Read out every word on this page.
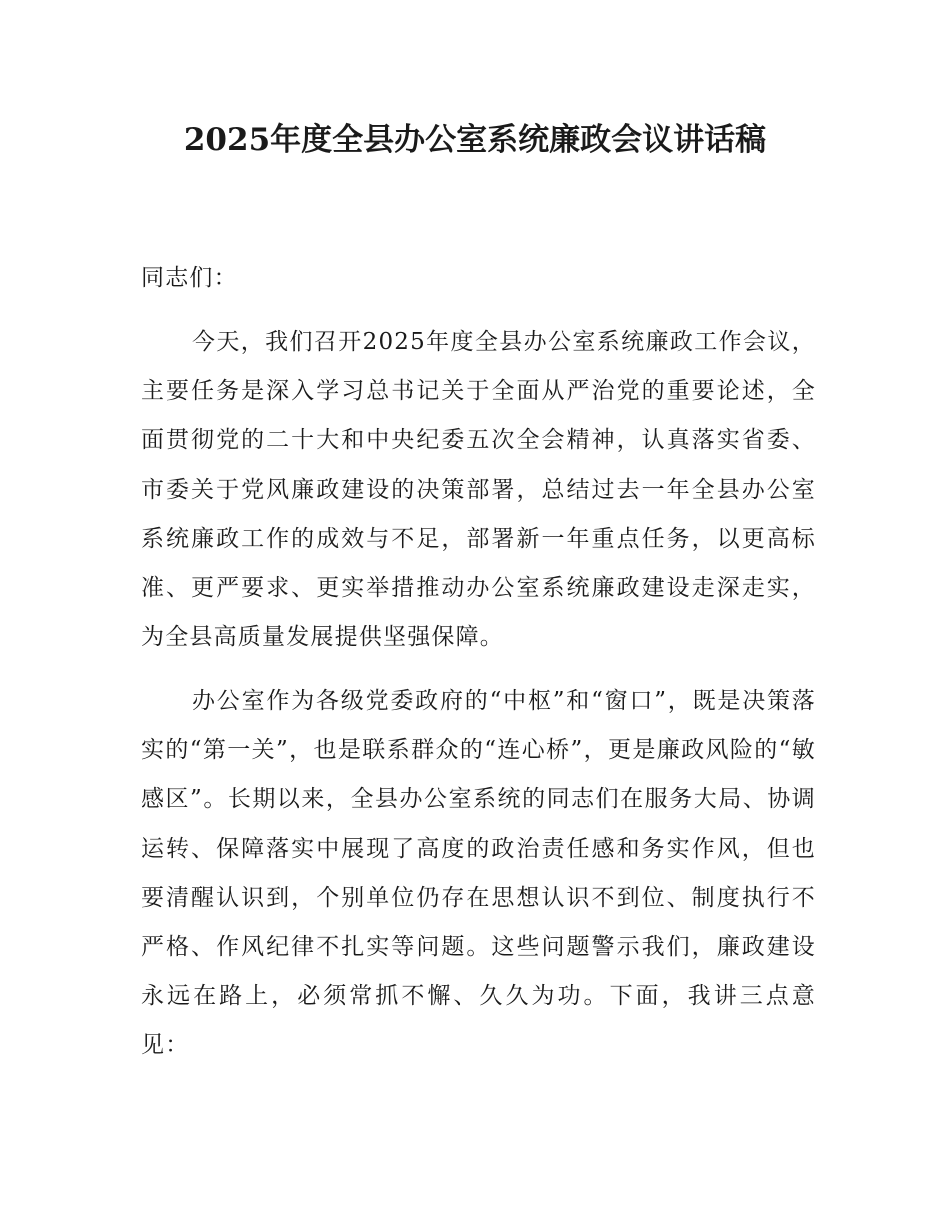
2025年度全县办公室系统廉政会议讲话稿

同志们：

今天，我们召开2025年度全县办公室系统廉政工作会议，主要任务是深入学习总书记关于全面从严治党的重要论述，全面贯彻党的二十大和中央纪委五次全会精神，认真落实省委、市委关于党风廉政建设的决策部署，总结过去一年全县办公室系统廉政工作的成效与不足，部署新一年重点任务，以更高标准、更严要求、更实举措推动办公室系统廉政建设走深走实，为全县高质量发展提供坚强保障。

办公室作为各级党委政府的“中枢”和“窗口”，既是决策落实的“第一关”，也是联系群众的“连心桥”，更是廉政风险的“敏感区”。长期以来，全县办公室系统的同志们在服务大局、协调运转、保障落实中展现了高度的政治责任感和务实作风，但也要清醒认识到，个别单位仍存在思想认识不到位、制度执行不严格、作风纪律不扎实等问题。这些问题警示我们，廉政建设永远在路上，必须常抓不懈、久久为功。下面，我讲三点意见：
